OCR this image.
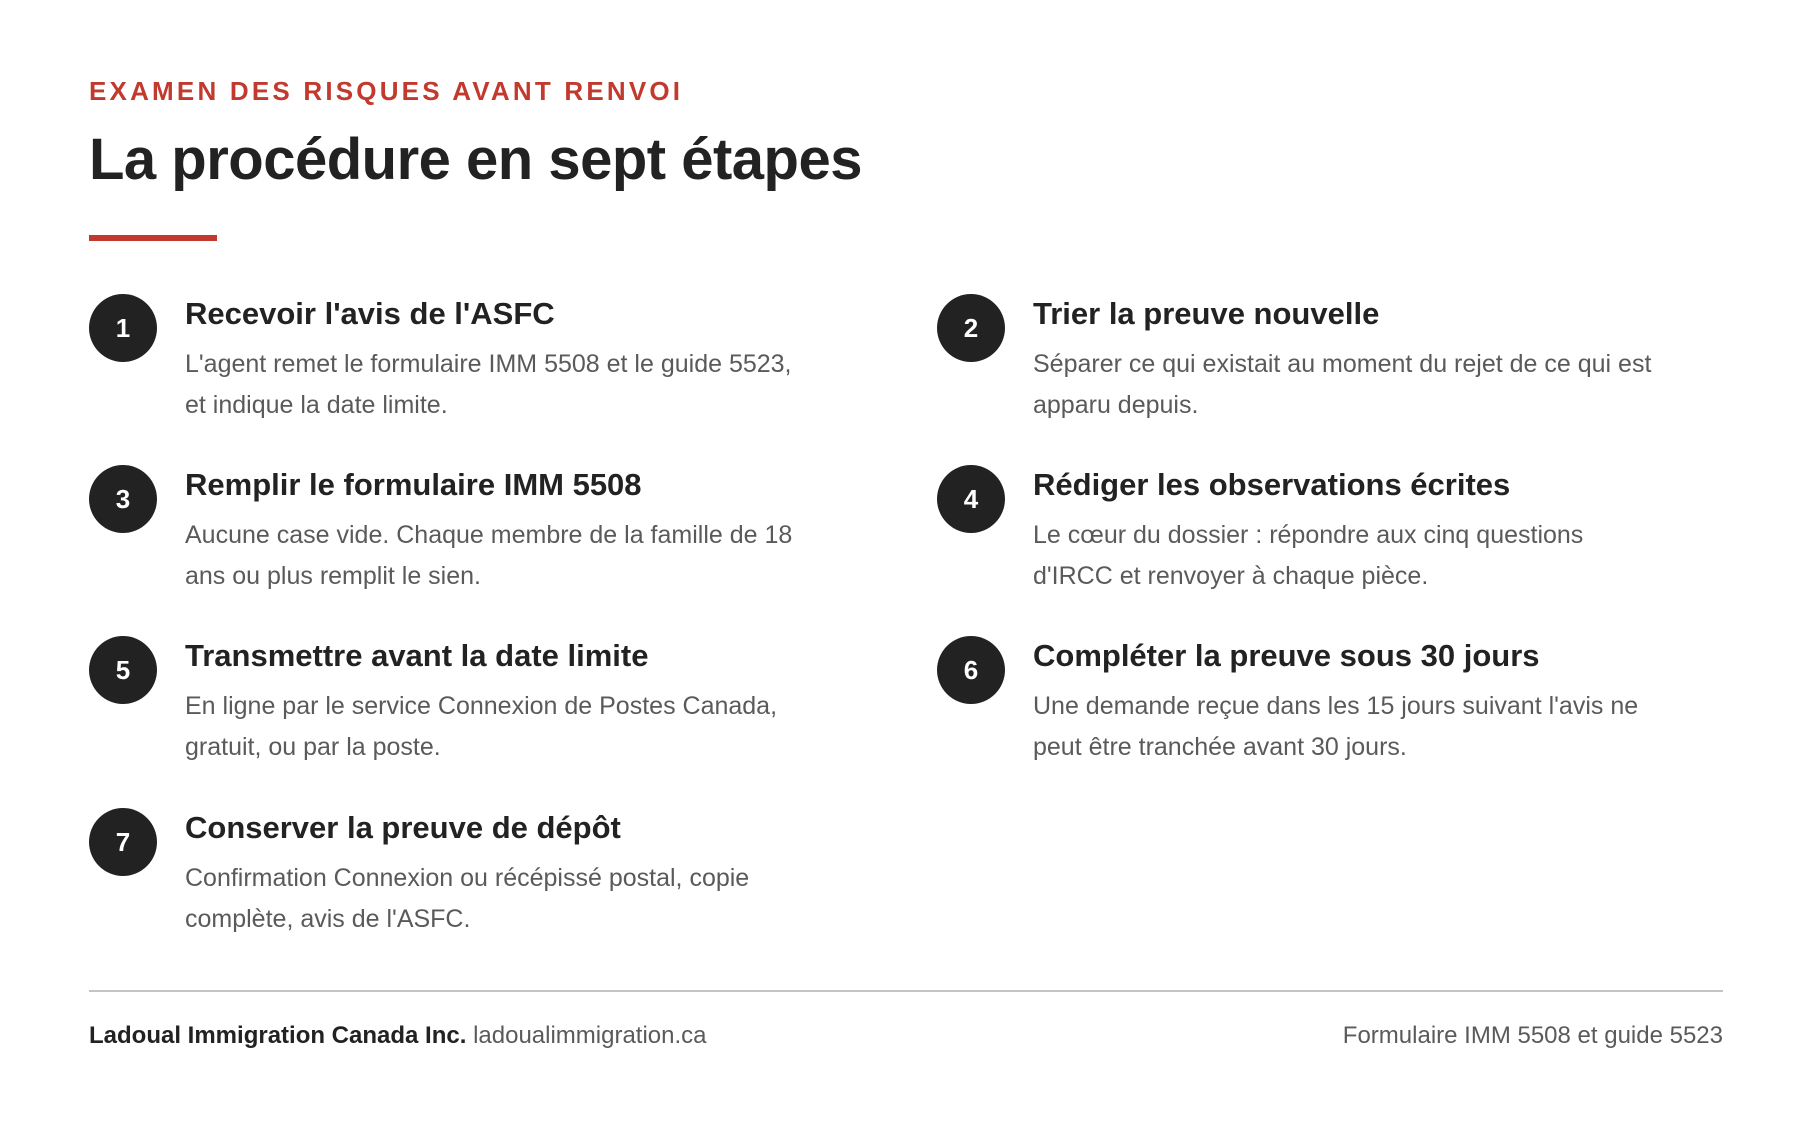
EXAMEN DES RISQUES AVANT RENVOI
La procédure en sept étapes
1	Recevoir l'avis de l'ASFC
L'agent remet le formulaire IMM 5508 et le guide 5523, et indique la date limite.
2	Trier la preuve nouvelle
Séparer ce qui existait au moment du rejet de ce qui est apparu depuis.
3	Remplir le formulaire IMM 5508
Aucune case vide. Chaque membre de la famille de 18 ans ou plus remplit le sien.
4	Rédiger les observations écrites
Le cœur du dossier : répondre aux cinq questions d'IRCC et renvoyer à chaque pièce.
5	Transmettre avant la date limite
En ligne par le service Connexion de Postes Canada, gratuit, ou par la poste.
6	Compléter la preuve sous 30 jours
Une demande reçue dans les 15 jours suivant l'avis ne peut être tranchée avant 30 jours.
7	Conserver la preuve de dépôt
Confirmation Connexion ou récépissé postal, copie complète, avis de l'ASFC.
Ladoual Immigration Canada Inc. ladoualimmigration.ca	Formulaire IMM 5508 et guide 5523
